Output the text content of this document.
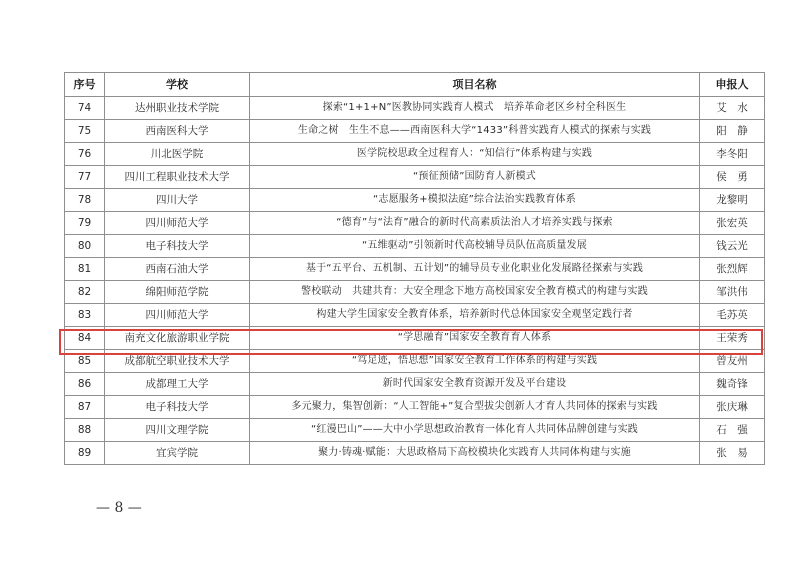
序号	学校	项目名称	申报人
74	达州职业技术学院	探索“1+1+N”医教协同实践育人模式　培养革命老区乡村全科医生	艾　水
75	西南医科大学	生命之树　生生不息——西南医科大学“1433”科普实践育人模式的探索与实践	阳　静
76	川北医学院	医学院校思政全过程育人：“知信行”体系构建与实践	李冬阳
77	四川工程职业技术大学	“预征预储”国防育人新模式	侯　勇
78	四川大学	“志愿服务+模拟法庭”综合法治实践教育体系	龙黎明
79	四川师范大学	“德育”与“法育”融合的新时代高素质法治人才培养实践与探索	张宏英
80	电子科技大学	“五维驱动”引领新时代高校辅导员队伍高质量发展	钱云光
81	西南石油大学	基于“五平台、五机制、五计划”的辅导员专业化职业化发展路径探索与实践	张烈辉
82	绵阳师范学院	警校联动　共建共育：大安全理念下地方高校国家安全教育模式的构建与实践	邹洪伟
83	四川师范大学	构建大学生国家安全教育体系，培养新时代总体国家安全观坚定践行者	毛苏英
84	南充文化旅游职业学院	“学思融育”国家安全教育育人体系	王荣秀
85	成都航空职业技术大学	“笃足迹，悟思想”国家安全教育工作体系的构建与实践	曾友州
86	成都理工大学	新时代国家安全教育资源开发及平台建设	魏奇锋
87	电子科技大学	多元聚力，集智创新：“人工智能+”复合型拔尖创新人才育人共同体的探索与实践	张庆琳
88	四川文理学院	“红漫巴山”——大中小学思想政治教育一体化育人共同体品牌创建与实践	石　强
89	宜宾学院	聚力·铸魂·赋能：大思政格局下高校模块化实践育人共同体构建与实施	张　易
— 8 —
